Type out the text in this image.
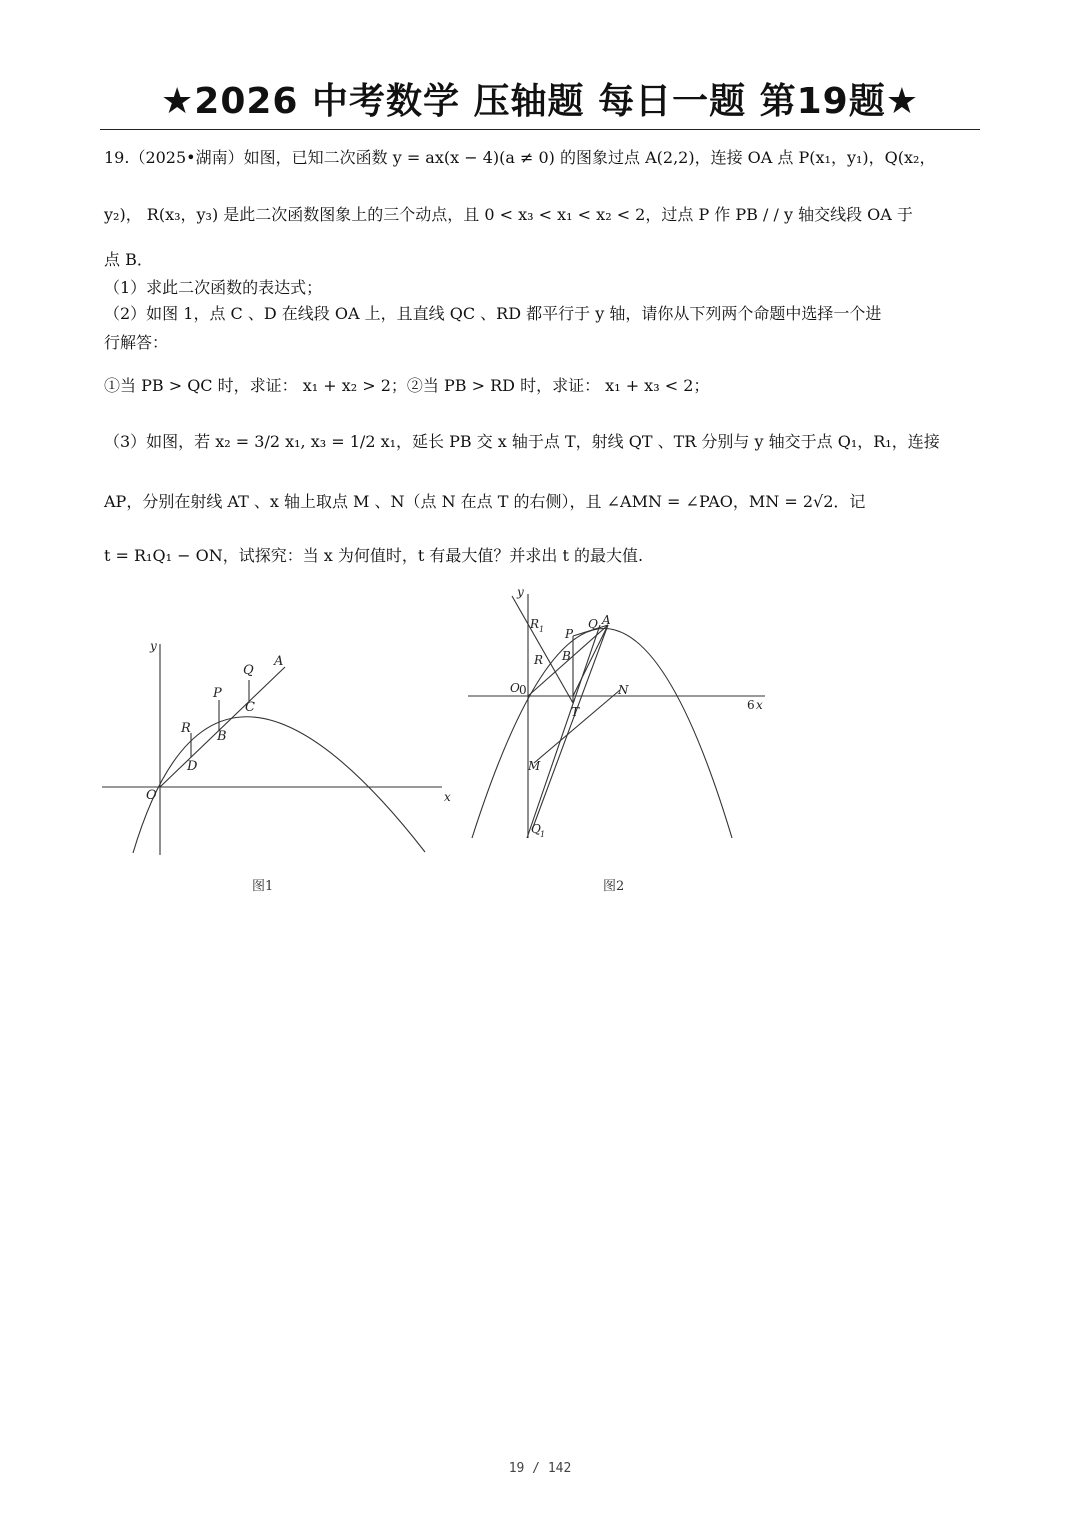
★2026 中考数学 压轴题 每日一题 第19题★
19.（2025•湖南）如图，已知二次函数 y = ax(x − 4)(a ≠ 0) 的图象过点 A(2,2)，连接 OA 点 P(x₁，y₁)，Q(x₂，
y₂)， R(x₃，y₃) 是此二次函数图象上的三个动点，且 0 < x₃ < x₁ < x₂ < 2，过点 P 作 PB / / y 轴交线段 OA 于
点 B．
（1）求此二次函数的表达式；
（2）如图 1，点 C 、D 在线段 OA 上，且直线 QC 、RD 都平行于 y 轴，请你从下列两个命题中选择一个进
行解答：
①当 PB > QC 时，求证： x₁ + x₂ > 2；②当 PB > RD 时，求证： x₁ + x₃ < 2；
（3）如图，若 x₂ = 3/2 x₁, x₃ = 1/2 x₁，延长 PB 交 x 轴于点 T，射线 QT 、TR 分别与 y 轴交于点 Q₁，R₁，连接
AP，分别在射线 AT 、x 轴上取点 M 、N（点 N 在点 T 的右侧），且 ∠AMN = ∠PAO，MN = 2√2．记
t = R₁Q₁ − ON，试探究：当 x 为何值时，t 有最大值？并求出 t 的最大值.
y
x
O
A
Q
P
C
R
B
D
图1
y
6 x
R 1 P
Q A
R B
O 0	N
T
M
Q 1
图2
19 / 142
